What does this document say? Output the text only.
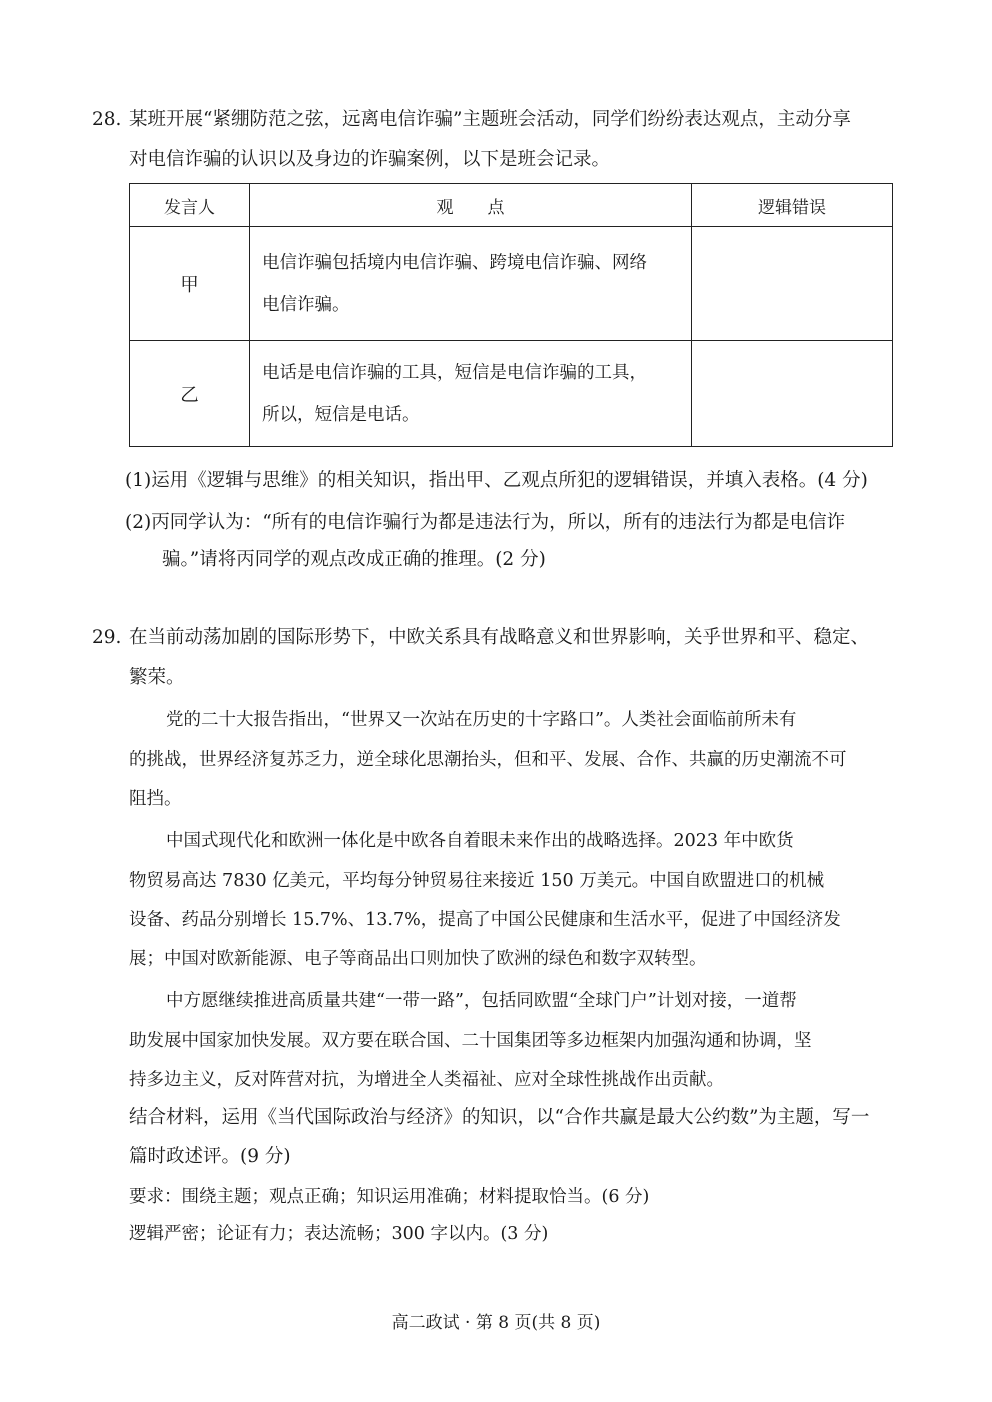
28. 某班开展“紧绷防范之弦，远离电信诈骗”主题班会活动，同学们纷纷表达观点，主动分享
对电信诈骗的认识以及身边的诈骗案例，以下是班会记录。
发言人	观　　点	逻辑错误
甲	电信诈骗包括境内电信诈骗、跨境电信诈骗、网络
电信诈骗。	

乙	电话是电信诈骗的工具，短信是电信诈骗的工具，
所以，短信是电话。	

(1)运用《逻辑与思维》的相关知识，指出甲、乙观点所犯的逻辑错误，并填入表格。(4 分)
(2)丙同学认为：“所有的电信诈骗行为都是违法行为，所以，所有的违法行为都是电信诈
骗。”请将丙同学的观点改成正确的推理。(2 分)
29. 在当前动荡加剧的国际形势下，中欧关系具有战略意义和世界影响，关乎世界和平、稳定、
繁荣。
党的二十大报告指出，“世界又一次站在历史的十字路口”。人类社会面临前所未有
的挑战，世界经济复苏乏力，逆全球化思潮抬头，但和平、发展、合作、共赢的历史潮流不可
阻挡。
中国式现代化和欧洲一体化是中欧各自着眼未来作出的战略选择。2023 年中欧货
物贸易高达 7830 亿美元，平均每分钟贸易往来接近 150 万美元。中国自欧盟进口的机械
设备、药品分别增长 15.7%、13.7%，提高了中国公民健康和生活水平，促进了中国经济发
展；中国对欧新能源、电子等商品出口则加快了欧洲的绿色和数字双转型。
中方愿继续推进高质量共建“一带一路”，包括同欧盟“全球门户”计划对接，一道帮
助发展中国家加快发展。双方要在联合国、二十国集团等多边框架内加强沟通和协调，坚
持多边主义，反对阵营对抗，为增进全人类福祉、应对全球性挑战作出贡献。
结合材料，运用《当代国际政治与经济》的知识，以“合作共赢是最大公约数”为主题，写一
篇时政述评。(9 分)
要求：围绕主题；观点正确；知识运用准确；材料提取恰当。(6 分)
逻辑严密；论证有力；表达流畅；300 字以内。(3 分)
高二政试 · 第 8 页(共 8 页)
